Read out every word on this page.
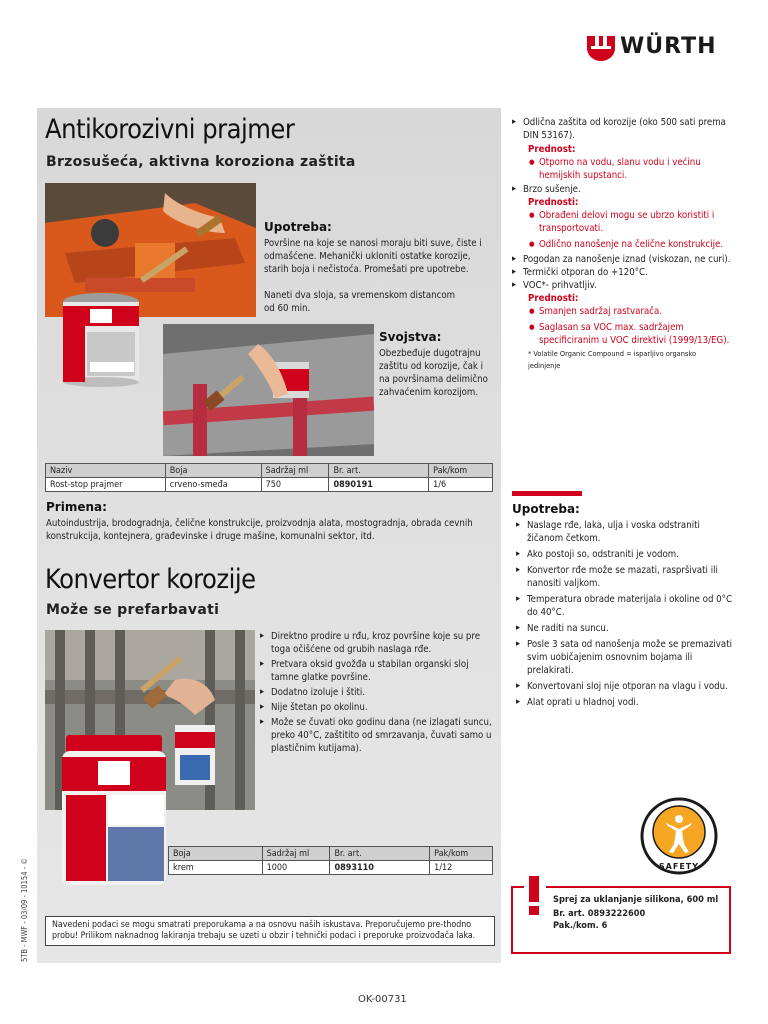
WÜRTH
Antikorozivni prajmer
Brzosušeća, aktivna koroziona zaštita
Upotreba:
Površine na koje se nanosi moraju biti suve, čiste i odmašćene. Mehanički ukloniti ostatke korozije, starih boja i nečistoća. Promešati pre upotrebe.
Naneti dva sloja, sa vremenskom distancom od 60 min.
Svojstva:
Obezbeđuje dugotrajnu zaštitu od korozije, čak i na površinama delimično zahvaćenim korozijom.
Naziv	Boja	Sadržaj ml	Br. art.	Pak/kom
Rost-stop prajmer	crveno-smeđa	750	0890191	1/6
Primena:
Autoindustrija, brodogradnja, čelične konstrukcije, proizvodnja alata, mostogradnja, obrada cevnih konstrukcija, kontejnera, građevinske i druge mašine, komunalni sektor, itd.
Konvertor korozije
Može se prefarbavati
▸ Direktno prodire u rđu, kroz površine koje su pre toga očišćene od grubih naslaga rđe.
▸ Pretvara oksid gvožđa u stabilan organski sloj tamne glatke površine.
▸ Dodatno izoluje i štiti.
▸ Nije štetan po okolinu.
▸ Može se čuvati oko godinu dana (ne izlagati suncu, preko 40°C, zaštitito od smrzavanja, čuvati samo u plastičnim kutijama).
Boja	Sadržaj ml	Br. art.	Pak/kom
krem	1000	0893110	1/12
Navedeni podaci se mogu smatrati preporukama a na osnovu naših iskustava. Preporučujemo pre-thodno probu! Prilikom naknadnog lakiranja trebaju se uzeti u obzir i tehnički podaci i preporuke proizvođača laka.
▸ Odlična zaštita od korozije (oko 500 sati prema DIN 53167).
Prednost:
● Otporno na vodu, slanu vodu i većinu hemijskih supstanci.
▸ Brzo sušenje.
Prednosti:
● Obrađeni delovi mogu se ubrzo koristiti i transportovati.
● Odlično nanošenje na čelične konstrukcije.
▸ Pogodan za nanošenje iznad (viskozan, ne curi).
▸ Termički otporan do +120°C.
▸ VOC*- prihvatljiv.
Prednosti:
● Smanjen sadržaj rastvarača.
● Saglasan sa VOC max. sadržajem specificiranim u VOC direktivi (1999/13/EG).
* Volatile Organic Compound = isparljivo organsko jedinjenje
Upotreba:
▸ Naslage rđe, laka, ulja i voska odstraniti žičanom četkom.
▸ Ako postoji so, odstraniti je vodom.
▸ Konvertor rđe može se mazati, raspršivati ili nanositi valjkom.
▸ Temperatura obrade materijala i okoline od 0°C do 40°C.
▸ Ne raditi na suncu.
▸ Posle 3 sata od nanošenja može se premazivati svim uobičajenim osnovnim bojama ili prelakirati.
▸ Konvertovani sloj nije otporan na vlagu i vodu.
▸ Alat oprati u hladnoj vodi.
SAFETY
Sprej za uklanjanje silikona, 600 ml
Br. art. 0893222600
Pak./kom. 6
5TB - MWF - 03/09 - 10154 - ©
OK-00731
